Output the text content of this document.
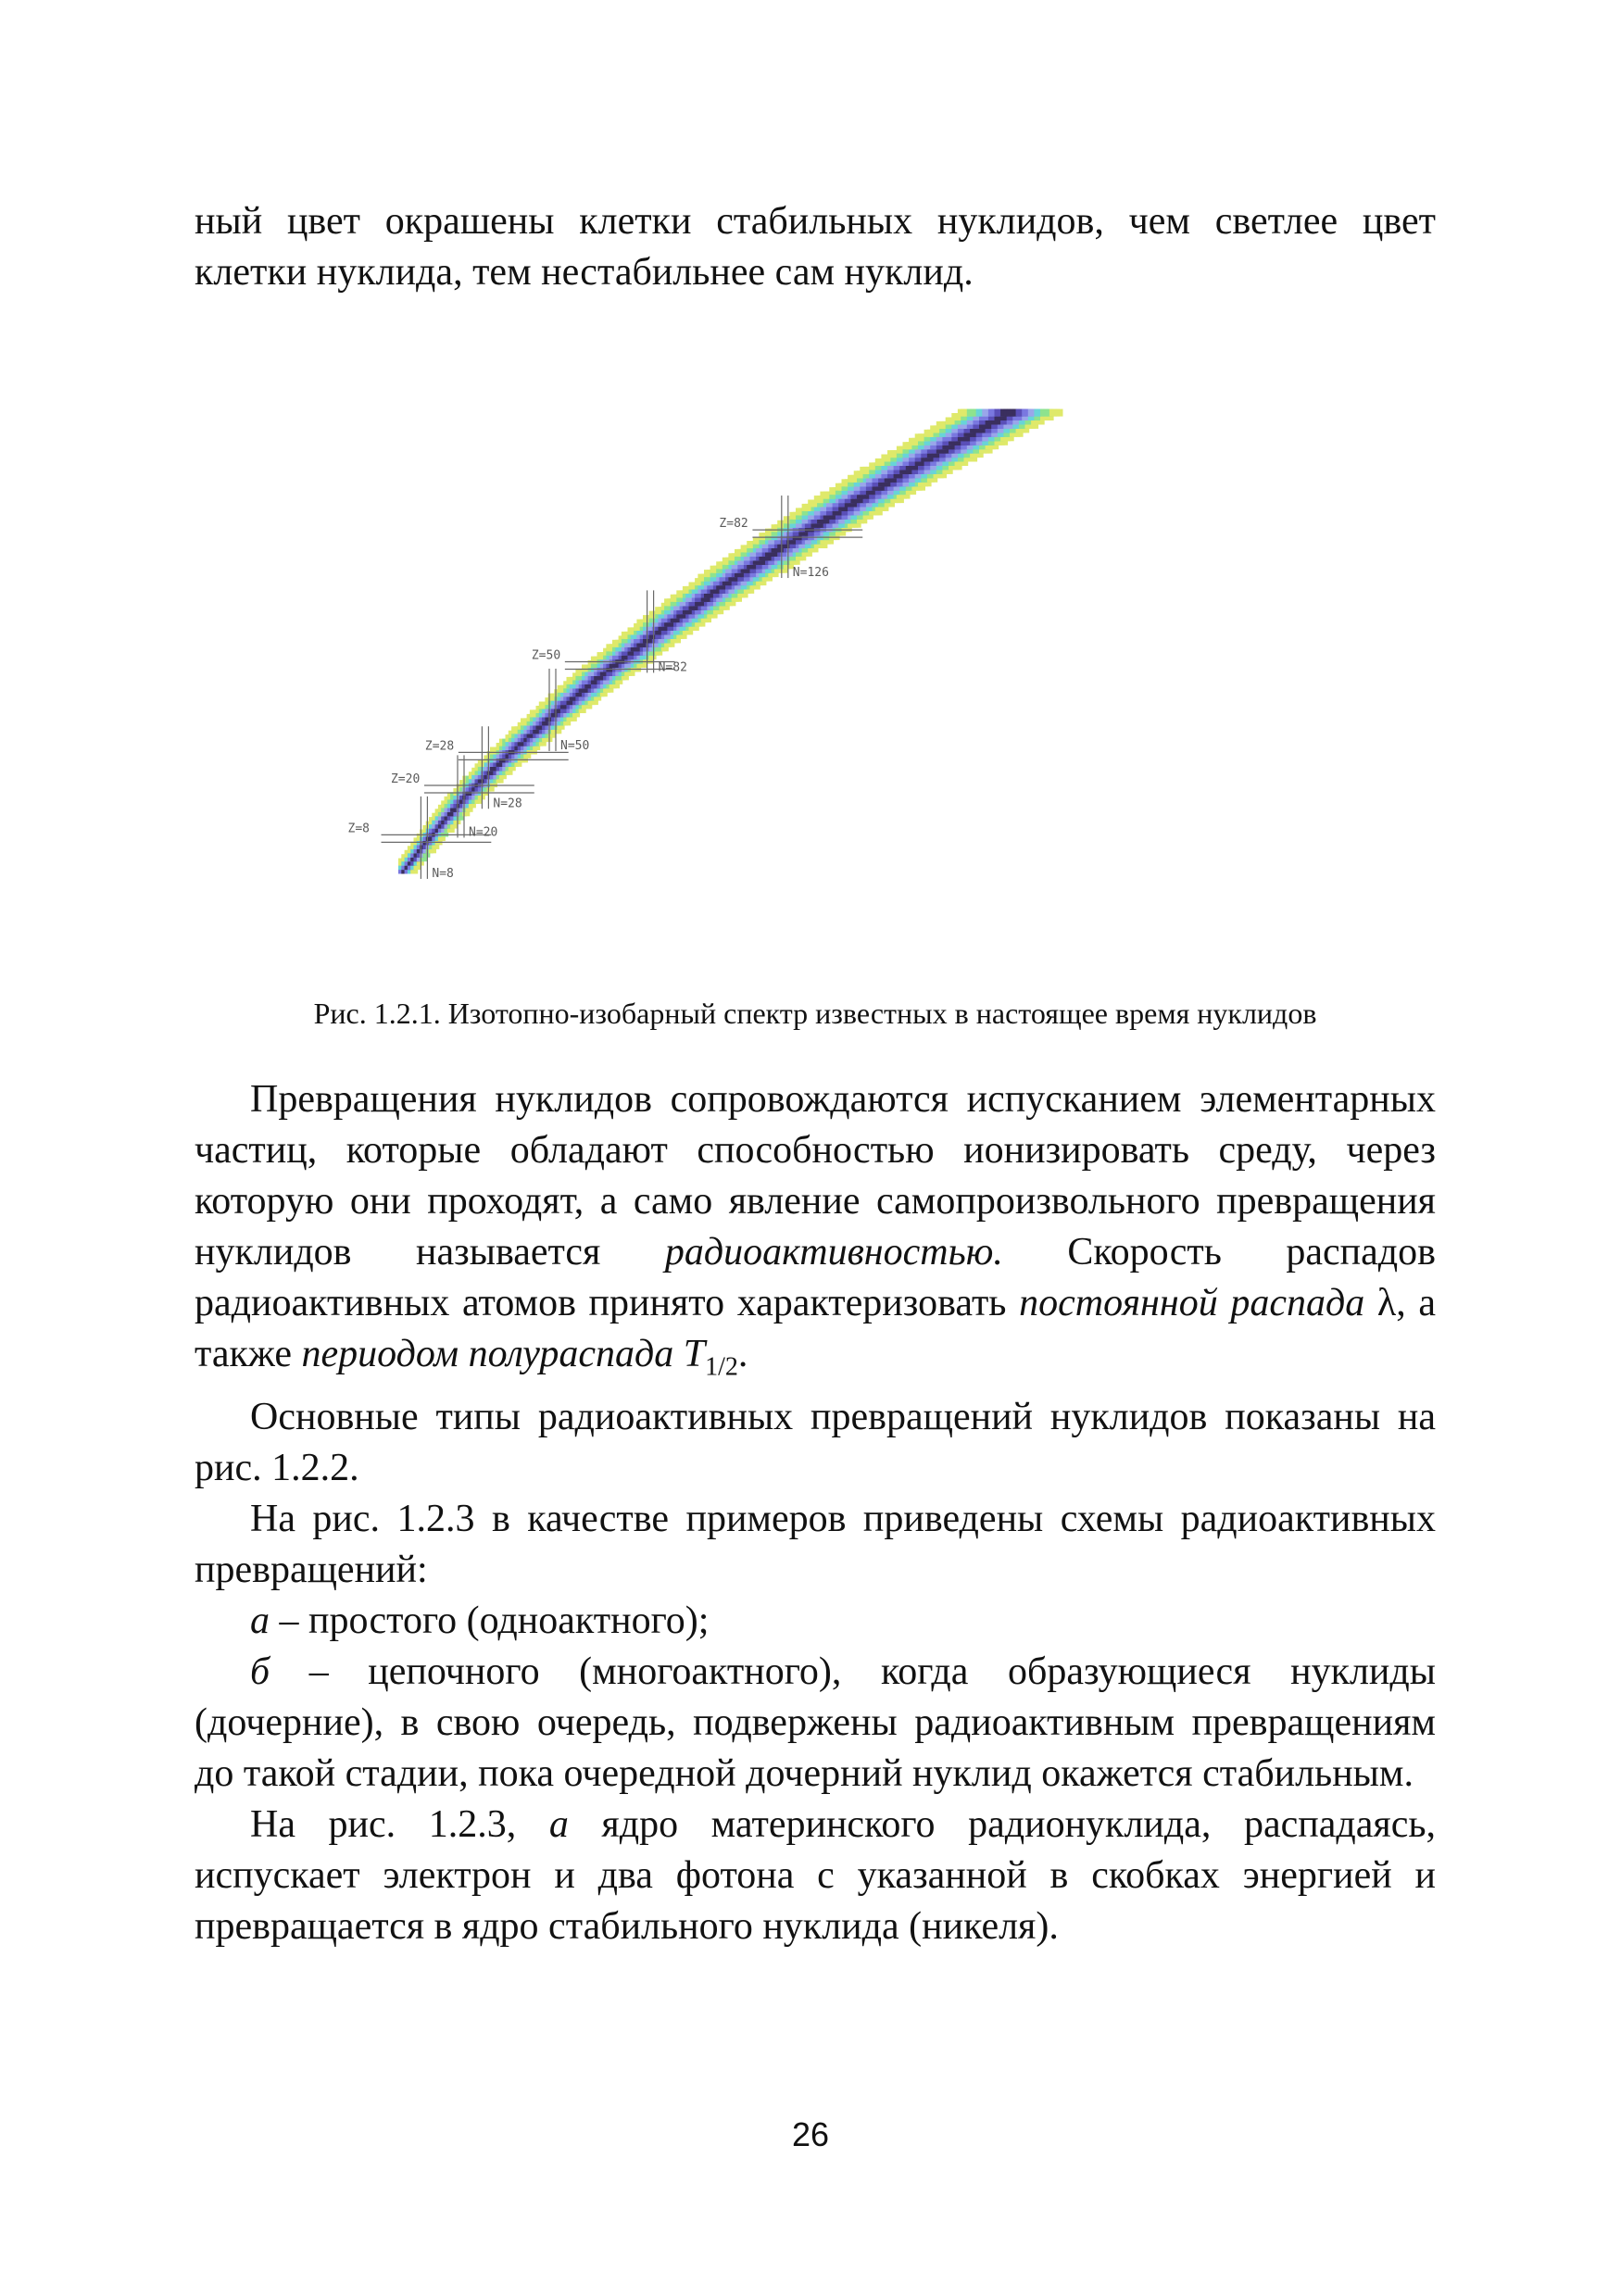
ный цвет окрашены клетки стабильных нуклидов, чем светлее цвет клетки нуклида, тем нестабильнее сам нуклид.

Z=8
Z=20
Z=28
Z=50
Z=82
N=8
N=20
N=28
N=50
N=82
N=126
Рис. 1.2.1. Изотопно-изобарный спектр известных в настоящее время нуклидов

Превращения нуклидов сопровождаются испусканием элементарных частиц, которые обладают способностью ионизировать среду, через которую они проходят, а само явление самопроизвольного превращения нуклидов называется радиоактивностью. Скорость распадов радиоактивных атомов принято характеризовать постоянной распада λ, а также периодом полураспада $T_{1/2}$.

Основные типы радиоактивных превращений нуклидов показаны на рис. 1.2.2.

На рис. 1.2.3 в качестве примеров приведены схемы радиоактивных превращений:

а – простого (одноактного);

б – цепочного (многоактного), когда образующиеся нуклиды (дочерние), в свою очередь, подвержены радиоактивным превращениям до такой стадии, пока очередной дочерний нуклид окажется стабильным.

На рис. 1.2.3, а ядро материнского радионуклида, распадаясь, испускает электрон и два фотона с указанной в скобках энергией и превращается в ядро стабильного нуклида (никеля).

26
